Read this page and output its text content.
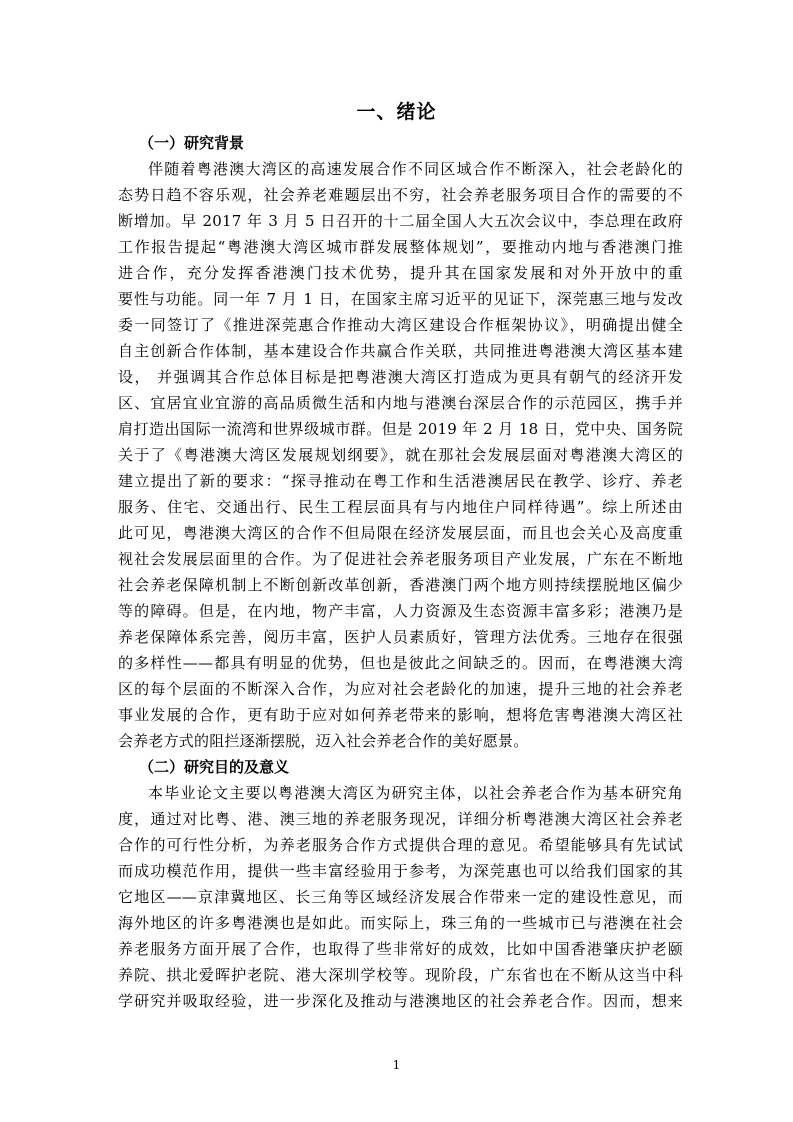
一、绪论
（一）研究背景
伴随着粤港澳大湾区的高速发展合作不同区域合作不断深入，社会老龄化的
态势日趋不容乐观，社会养老难题层出不穷，社会养老服务项目合作的需要的不
断增加。早 2017 年 3 月 5 日召开的十二届全国人大五次会议中，李总理在政府
工作报告提起“粤港澳大湾区城市群发展整体规划”，要推动内地与香港澳门推
进合作，充分发挥香港澳门技术优势，提升其在国家发展和对外开放中的重
要性与功能。同一年 7 月 1 日，在国家主席习近平的见证下，深莞惠三地与发改
委一同签订了《推进深莞惠合作推动大湾区建设合作框架协议》，明确提出健全
自主创新合作体制，基本建设合作共赢合作关联，共同推进粤港澳大湾区基本建
设， 并强调其合作总体目标是把粤港澳大湾区打造成为更具有朝气的经济开发
区、宜居宜业宜游的高品质微生活和内地与港澳台深层合作的示范园区，携手并
肩打造出国际一流湾和世界级城市群。但是 2019 年 2 月 18 日，党中央、国务院
关于了《粤港澳大湾区发展规划纲要》，就在那社会发展层面对粤港澳大湾区的
建立提出了新的要求：“探寻推动在粤工作和生活港澳居民在教学、诊疗、养老
服务、住宅、交通出行、民生工程层面具有与内地住户同样待遇”。综上所述由
此可见，粤港澳大湾区的合作不但局限在经济发展层面，而且也会关心及高度重
视社会发展层面里的合作。为了促进社会养老服务项目产业发展，广东在不断地
社会养老保障机制上不断创新改革创新，香港澳门两个地方则持续摆脱地区偏少
等的障碍。但是，在内地，物产丰富，人力资源及生态资源丰富多彩；港澳乃是
养老保障体系完善，阅历丰富，医护人员素质好，管理方法优秀。三地存在很强
的多样性——都具有明显的优势，但也是彼此之间缺乏的。因而，在粤港澳大湾
区的每个层面的不断深入合作，为应对社会老龄化的加速，提升三地的社会养老
事业发展的合作，更有助于应对如何养老带来的影响，想将危害粤港澳大湾区社
会养老方式的阻拦逐渐摆脱，迈入社会养老合作的美好愿景。
（二）研究目的及意义
本毕业论文主要以粤港澳大湾区为研究主体，以社会养老合作为基本研究角
度，通过对比粤、港、澳三地的养老服务现况，详细分析粤港澳大湾区社会养老
合作的可行性分析，为养老服务合作方式提供合理的意见。希望能够具有先试试
而成功模范作用，提供一些丰富经验用于参考，为深莞惠也可以给我们国家的其
它地区——京津冀地区、长三角等区域经济发展合作带来一定的建设性意见，而
海外地区的许多粤港澳也是如此。而实际上，珠三角的一些城市已与港澳在社会
养老服务方面开展了合作，也取得了些非常好的成效，比如中国香港肇庆护老颐
养院、拱北爱晖护老院、港大深圳学校等。现阶段，广东省也在不断从这当中科
学研究并吸取经验，进一步深化及推动与港澳地区的社会养老合作。因而，想来
1
